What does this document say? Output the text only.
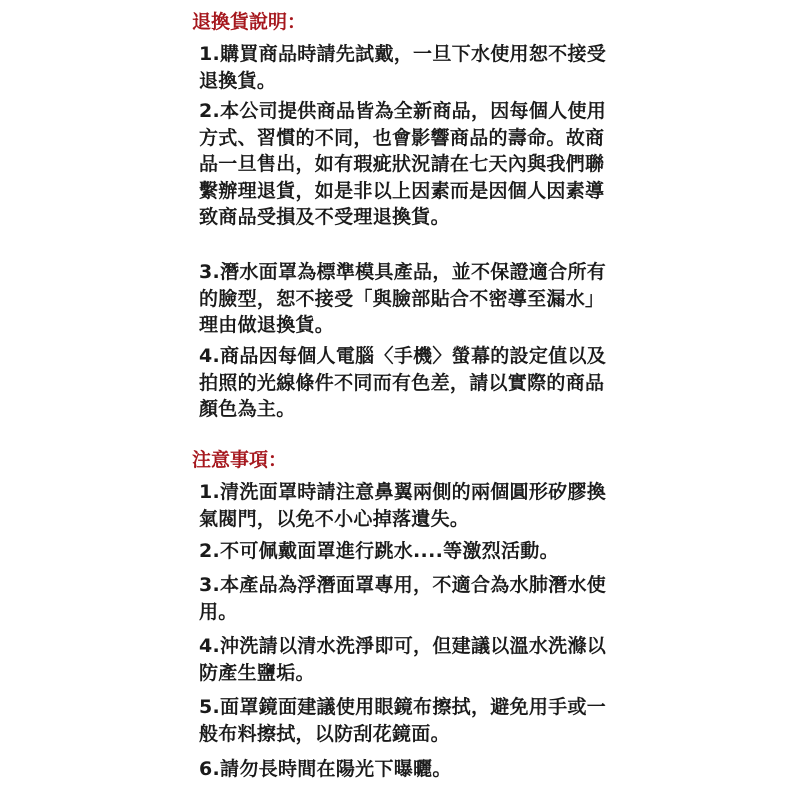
退換貨說明：

1.購買商品時請先試戴，一旦下水使用恕不接受退換貨。

2.本公司提供商品皆為全新商品，因每個人使用方式、習慣的不同，也會影響商品的壽命。故商品一旦售出，如有瑕疵狀況請在七天內與我們聯繫辦理退貨，如是非以上因素而是因個人因素導致商品受損及不受理退換貨。

3.潛水面罩為標準模具產品，並不保證適合所有的臉型，恕不接受「與臉部貼合不密導至漏水」理由做退換貨。

4.商品因每個人電腦〈手機〉螢幕的設定值以及拍照的光線條件不同而有色差，請以實際的商品顏色為主。

注意事項：

1.清洗面罩時請注意鼻翼兩側的兩個圓形矽膠換氣閥門，以免不小心掉落遺失。

2.不可佩戴面罩進行跳水....等激烈活動。

3.本產品為浮潛面罩專用，不適合為水肺潛水使用。

4.沖洗請以清水洗淨即可，但建議以溫水洗滌以防產生鹽垢。

5.面罩鏡面建議使用眼鏡布擦拭，避免用手或一般布料擦拭，以防刮花鏡面。

6.請勿長時間在陽光下曝曬。
